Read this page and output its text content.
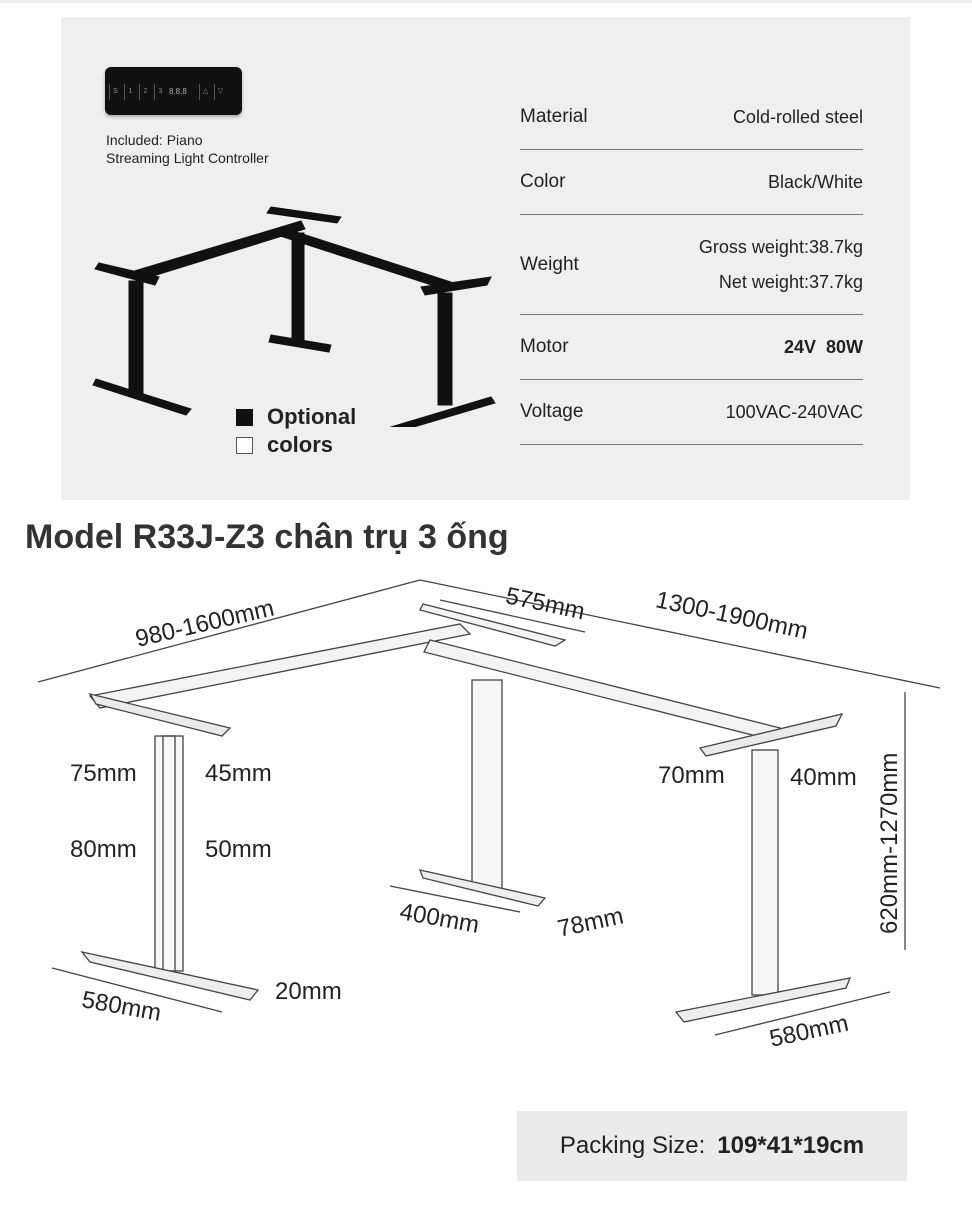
S	1	2	3 8.8.8	△	▽
Included: Piano
Streaming Light Controller
Optional
colors
Material	Cold-rolled steel
Color	Black/White
Weight
Gross weight:38.7kg
Net weight:37.7kg
Motor	24V  80W
Voltage	100VAC-240VAC
Model R33J-Z3 chân trụ 3 ống
980-1600mm	575mm	1300-1900mm
620mm-1270mm
75mm	45mm
80mm	50mm
70mm	40mm
400mm	78mm
580mm	20mm
580mm
Packing Size: 109*41*19cm
